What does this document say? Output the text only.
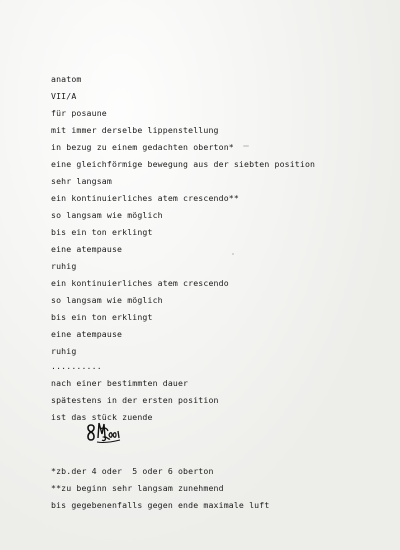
anatom
VII/A
für posaune
mit immer derselbe lippenstellung
in bezug zu einem gedachten oberton*
eine gleichförmige bewegung aus der siebten position
sehr langsam
ein kontinuierliches atem crescendo**
so langsam wie möglich
bis ein ton erklingt
eine atempause
ruhig
ein kontinuierliches atem crescendo
so langsam wie möglich
bis ein ton erklingt
eine atempause
ruhig
..........
nach einer bestimmten dauer
spätestens in der ersten position
ist das stück zuende
*zb.der 4 oder  5 oder 6 oberton
**zu beginn sehr langsam zunehmend
bis gegebenenfalls gegen ende maximale luft
